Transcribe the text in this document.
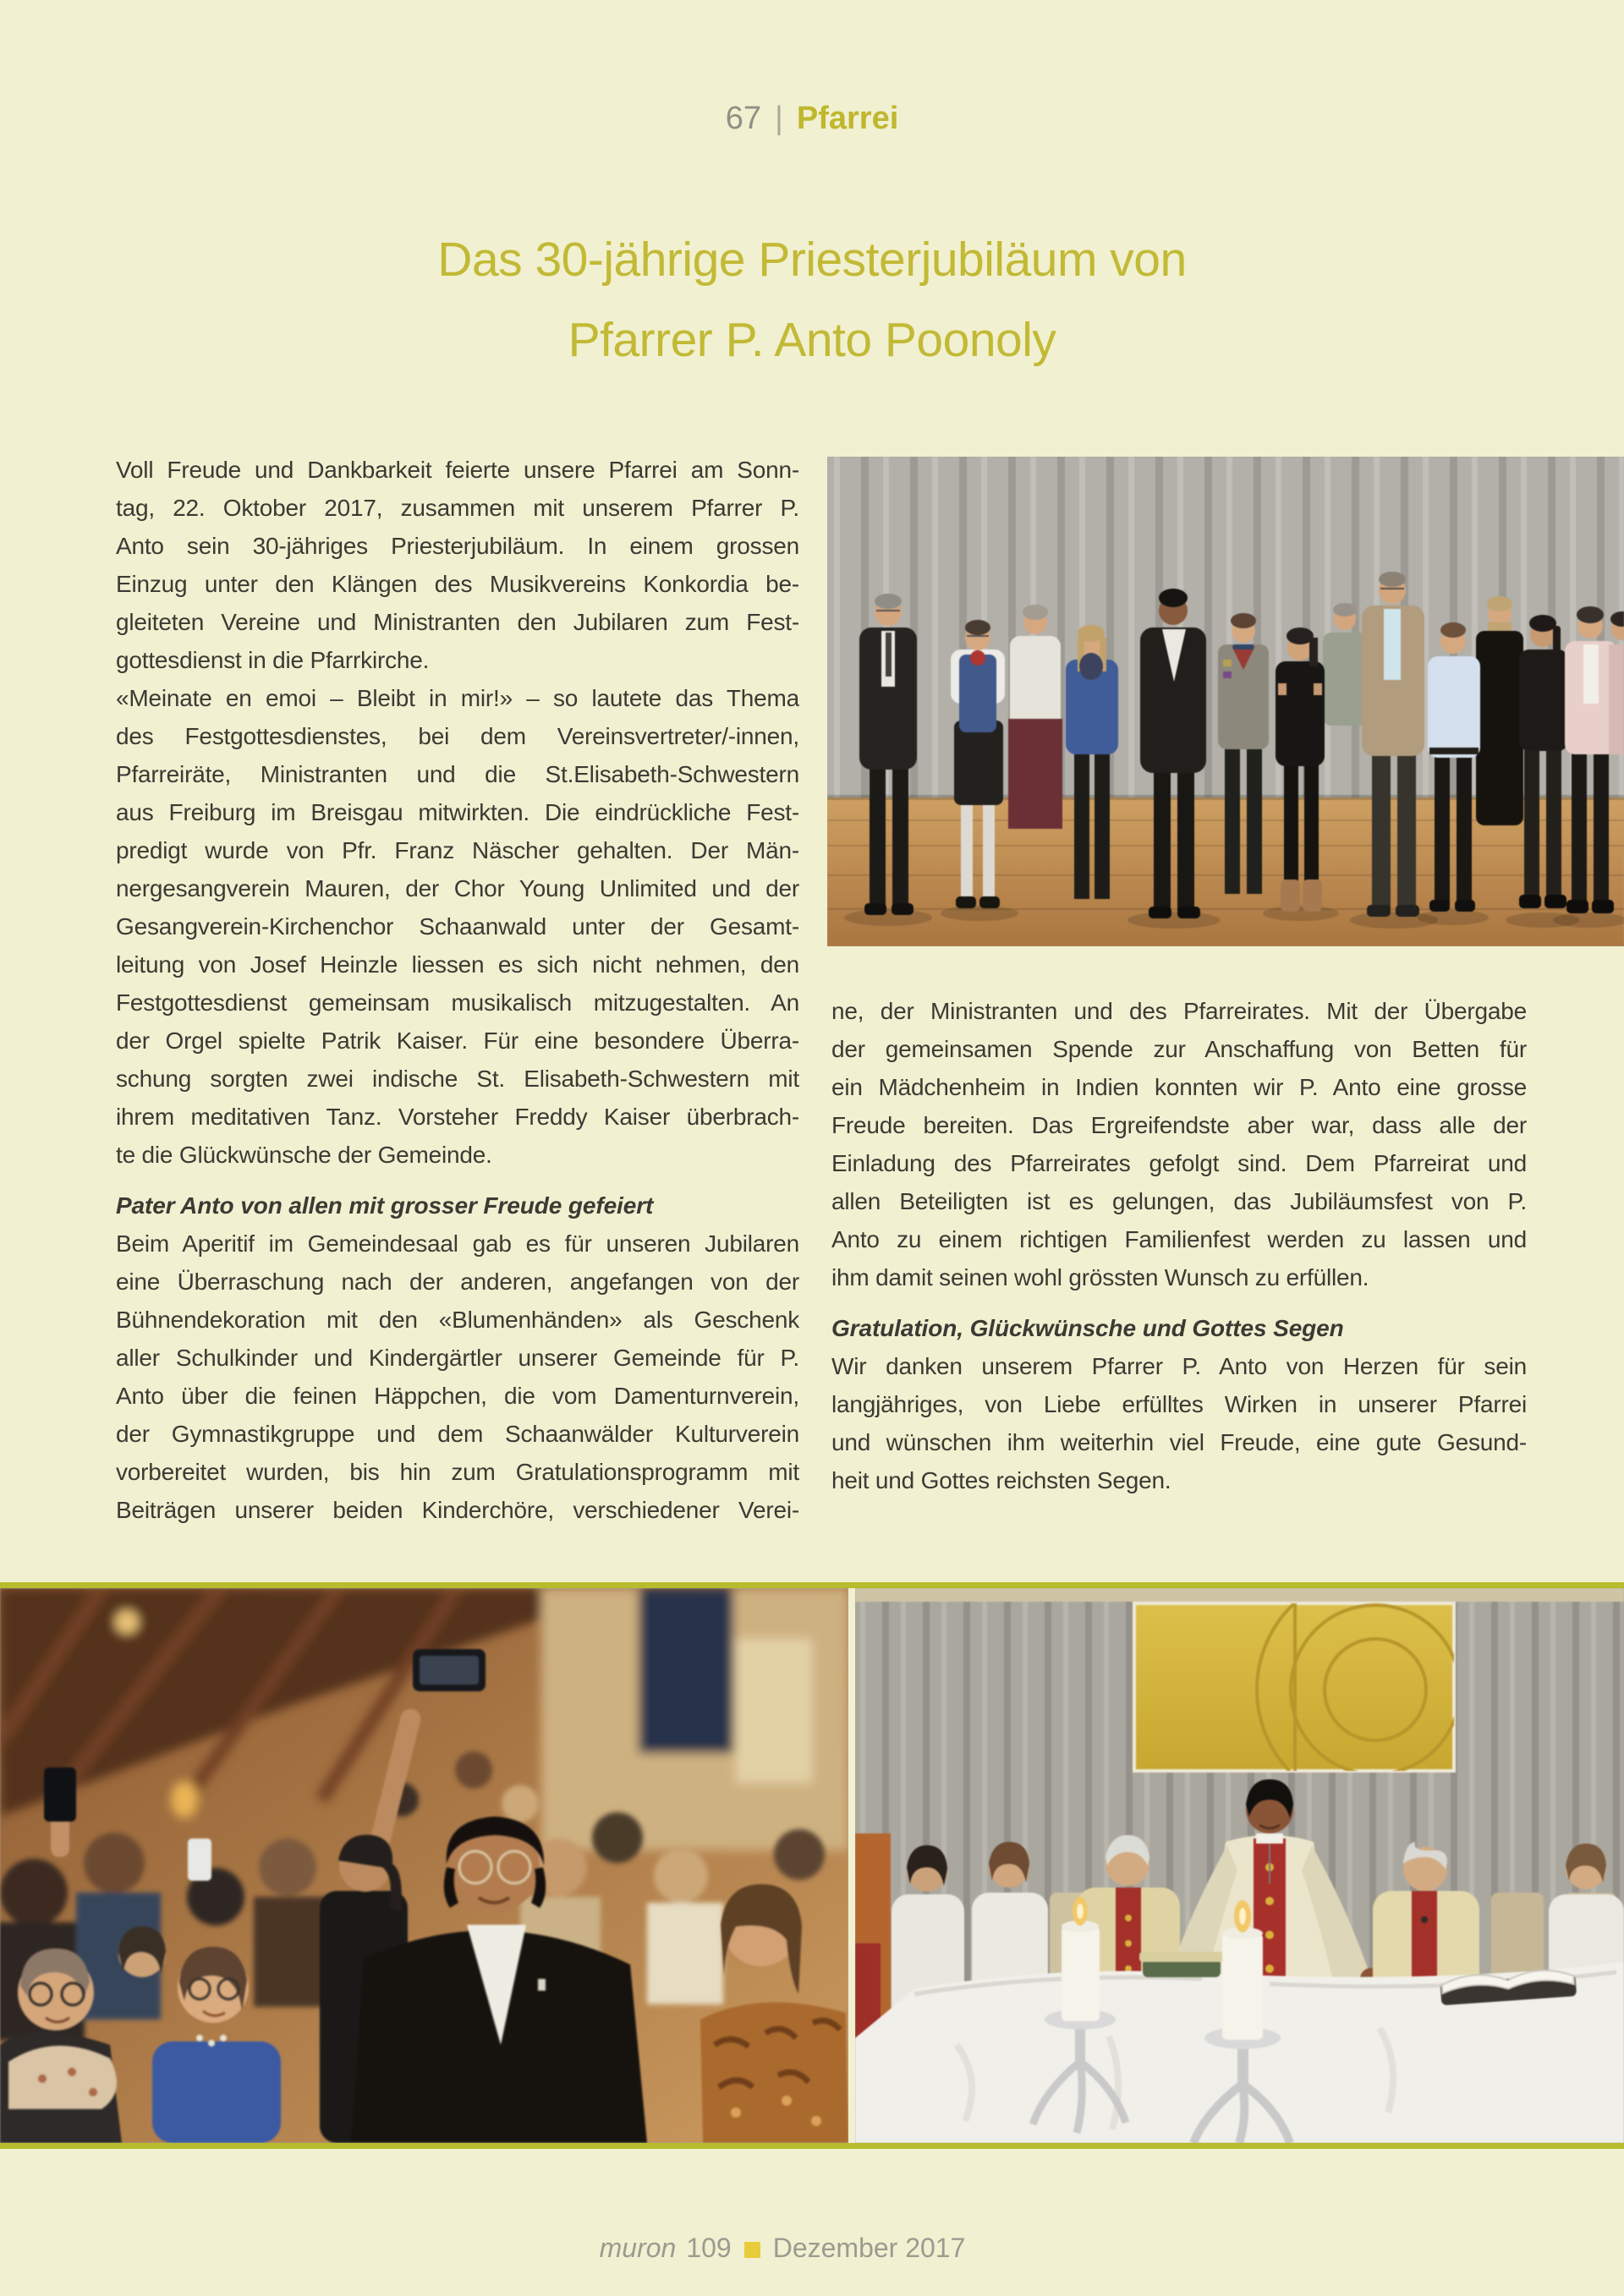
67 | Pfarrei
Das 30-jährige Priesterjubiläum von
Pfarrer P. Anto Poonoly
Voll Freude und Dankbarkeit feierte unsere Pfarrei am Sonn-
tag, 22. Oktober 2017, zusammen mit unserem Pfarrer P.
Anto sein 30-jähriges Priesterjubiläum. In einem grossen
Einzug unter den Klängen des Musikvereins Konkordia be-
gleiteten Vereine und Ministranten den Jubilaren zum Fest-
gottesdienst in die Pfarrkirche.
«Meinate en emoi – Bleibt in mir!» – so lautete das Thema
des Festgottesdienstes, bei dem Vereinsvertreter/-innen,
Pfarreiräte, Ministranten und die St.Elisabeth-Schwestern
aus Freiburg im Breisgau mitwirkten. Die eindrückliche Fest-
predigt wurde von Pfr. Franz Näscher gehalten. Der Män-
nergesangverein Mauren, der Chor Young Unlimited und der
Gesangverein-Kirchenchor Schaanwald unter der Gesamt-
leitung von Josef Heinzle liessen es sich nicht nehmen, den
Festgottesdienst gemeinsam musikalisch mitzugestalten. An
der Orgel spielte Patrik Kaiser. Für eine besondere Überra-
schung sorgten zwei indische St. Elisabeth-Schwestern mit
ihrem meditativen Tanz. Vorsteher Freddy Kaiser überbrach-
te die Glückwünsche der Gemeinde.
Pater Anto von allen mit grosser Freude gefeiert
Beim Aperitif im Gemeindesaal gab es für unseren Jubilaren
eine Überraschung nach der anderen, angefangen von der
Bühnendekoration mit den «Blumenhänden» als Geschenk
aller Schulkinder und Kindergärtler unserer Gemeinde für P.
Anto über die feinen Häppchen, die vom Damenturnverein,
der Gymnastikgruppe und dem Schaanwälder Kulturverein
vorbereitet wurden, bis hin zum Gratulationsprogramm mit
Beiträgen unserer beiden Kinderchöre, verschiedener Verei-
ne, der Ministranten und des Pfarreirates. Mit der Übergabe
der gemeinsamen Spende zur Anschaffung von Betten für
ein Mädchenheim in Indien konnten wir P. Anto eine grosse
Freude bereiten. Das Ergreifendste aber war, dass alle der
Einladung des Pfarreirates gefolgt sind. Dem Pfarreirat und
allen Beteiligten ist es gelungen, das Jubiläumsfest von P.
Anto zu einem richtigen Familienfest werden zu lassen und
ihm damit seinen wohl grössten Wunsch zu erfüllen.
Gratulation, Glückwünsche und Gottes Segen
Wir danken unserem Pfarrer P. Anto von Herzen für sein
langjähriges, von Liebe erfülltes Wirken in unserer Pfarrei
und wünschen ihm weiterhin viel Freude, eine gute Gesund-
heit und Gottes reichsten Segen.
muron 109 Dezember 2017
